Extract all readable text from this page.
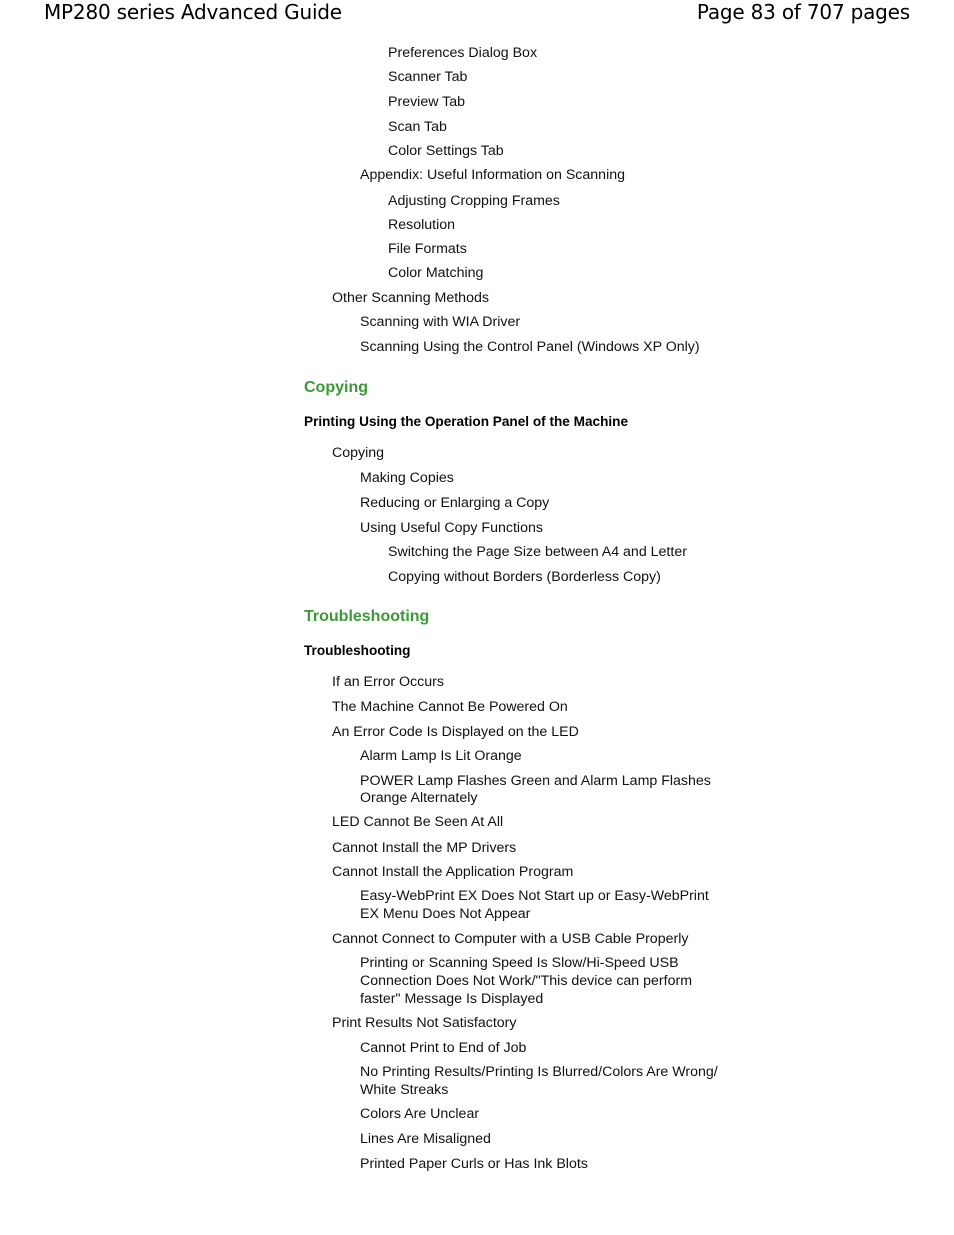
MP280 series Advanced Guide	Page 83 of 707 pages
Preferences Dialog Box
Scanner Tab
Preview Tab
Scan Tab
Color Settings Tab
Appendix: Useful Information on Scanning
Adjusting Cropping Frames
Resolution
File Formats
Color Matching
Other Scanning Methods
Scanning with WIA Driver
Scanning Using the Control Panel (Windows XP Only)
Copying
Printing Using the Operation Panel of the Machine
Copying
Making Copies
Reducing or Enlarging a Copy
Using Useful Copy Functions
Switching the Page Size between A4 and Letter
Copying without Borders (Borderless Copy)
Troubleshooting
Troubleshooting
If an Error Occurs
The Machine Cannot Be Powered On
An Error Code Is Displayed on the LED
Alarm Lamp Is Lit Orange
POWER Lamp Flashes Green and Alarm Lamp Flashes
Orange Alternately
LED Cannot Be Seen At All
Cannot Install the MP Drivers
Cannot Install the Application Program
Easy-WebPrint EX Does Not Start up or Easy-WebPrint
EX Menu Does Not Appear
Cannot Connect to Computer with a USB Cable Properly
Printing or Scanning Speed Is Slow/Hi-Speed USB
Connection Does Not Work/"This device can perform
faster" Message Is Displayed
Print Results Not Satisfactory
Cannot Print to End of Job
No Printing Results/Printing Is Blurred/Colors Are Wrong/
White Streaks
Colors Are Unclear
Lines Are Misaligned
Printed Paper Curls or Has Ink Blots
